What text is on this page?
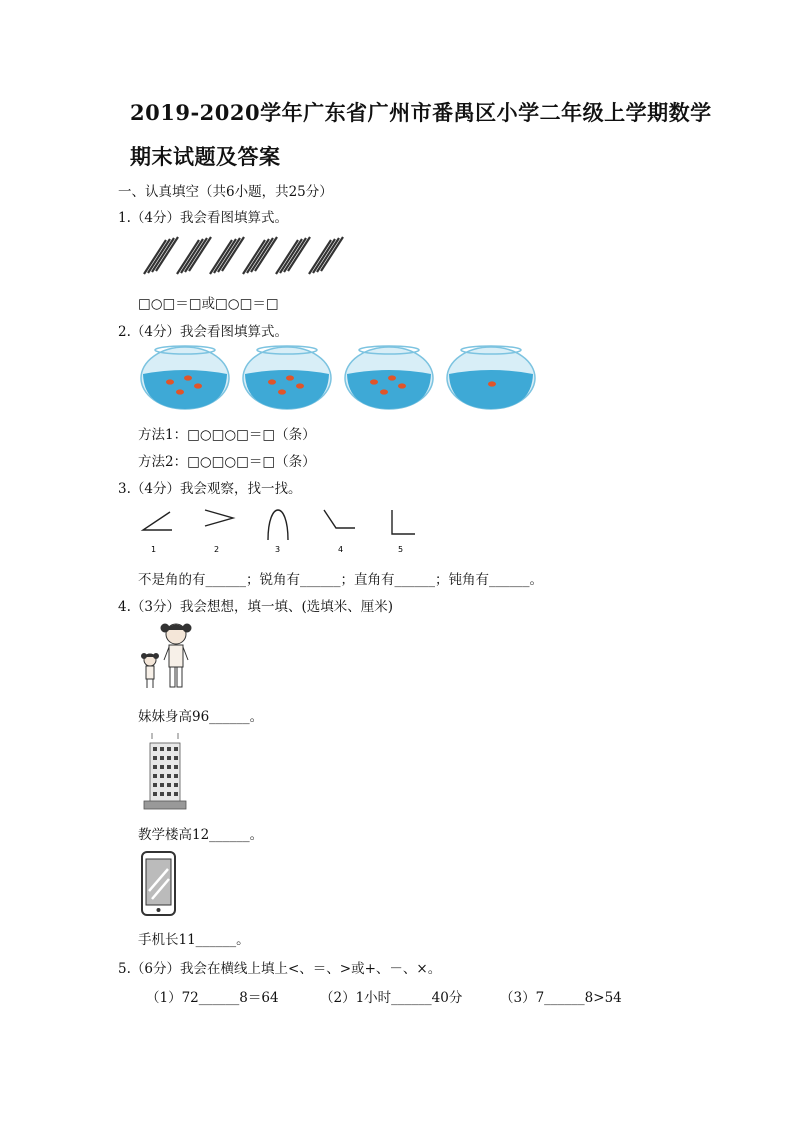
2019-2020学年广东省广州市番禺区小学二年级上学期数学
期末试题及答案
一、认真填空（共6小题，共25分）
1.（4分）我会看图填算式。
□○□＝□或□○□＝□
2.（4分）我会看图填算式。
方法1：□○□○□＝□（条）
方法2：□○□○□＝□（条）
3.（4分）我会观察，找一找。
1	2	3	4	5
不是角的有______；锐角有______；直角有______；钝角有______。
4.（3分）我会想想，填一填、(选填米、厘米)
妹妹身高96______。
教学楼高12______。
手机长11______。
5.（6分）我会在横线上填上<、＝、>或+、－、×。
（1）72______8＝64	（2）1小时______40分	（3）7______8>54
